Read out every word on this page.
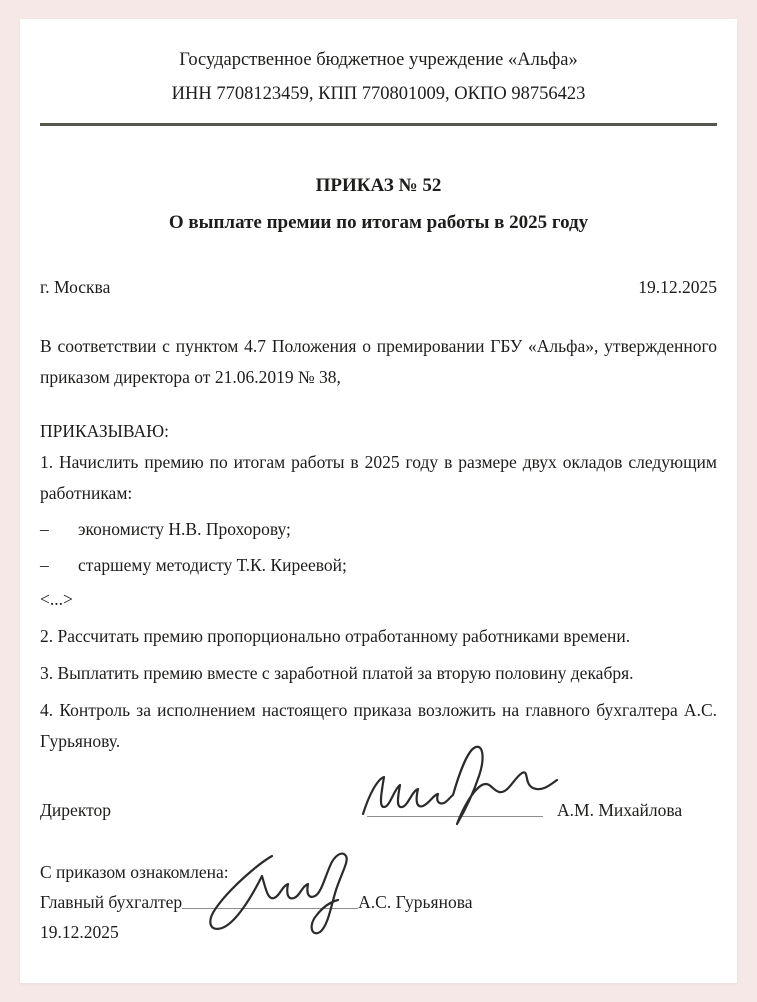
Государственное бюджетное учреждение «Альфа»
ИНН 7708123459, КПП 770801009, ОКПО 98756423
ПРИКАЗ № 52
О выплате премии по итогам работы в 2025 году
г. Москва	19.12.2025
В соответствии с пунктом 4.7 Положения о премировании ГБУ «Альфа», утвержденного приказом директора от 21.06.2019 № 38,
ПРИКАЗЫВАЮ:
1. Начислить премию по итогам работы в 2025 году в размере двух окладов следующим работникам:
–	экономисту Н.В. Прохорову;
–	старшему методисту Т.К. Киреевой;
<...>
2. Рассчитать премию пропорционально отработанному работниками времени.
3. Выплатить премию вместе с заработной платой за вторую половину декабря.
4. Контроль за исполнением настоящего приказа возложить на главного бухгалтера А.С. Гурьянову.
Директор	А.М. Михайлова
С приказом ознакомлена:
Главный бухгалтер	А.С. Гурьянова
19.12.2025
